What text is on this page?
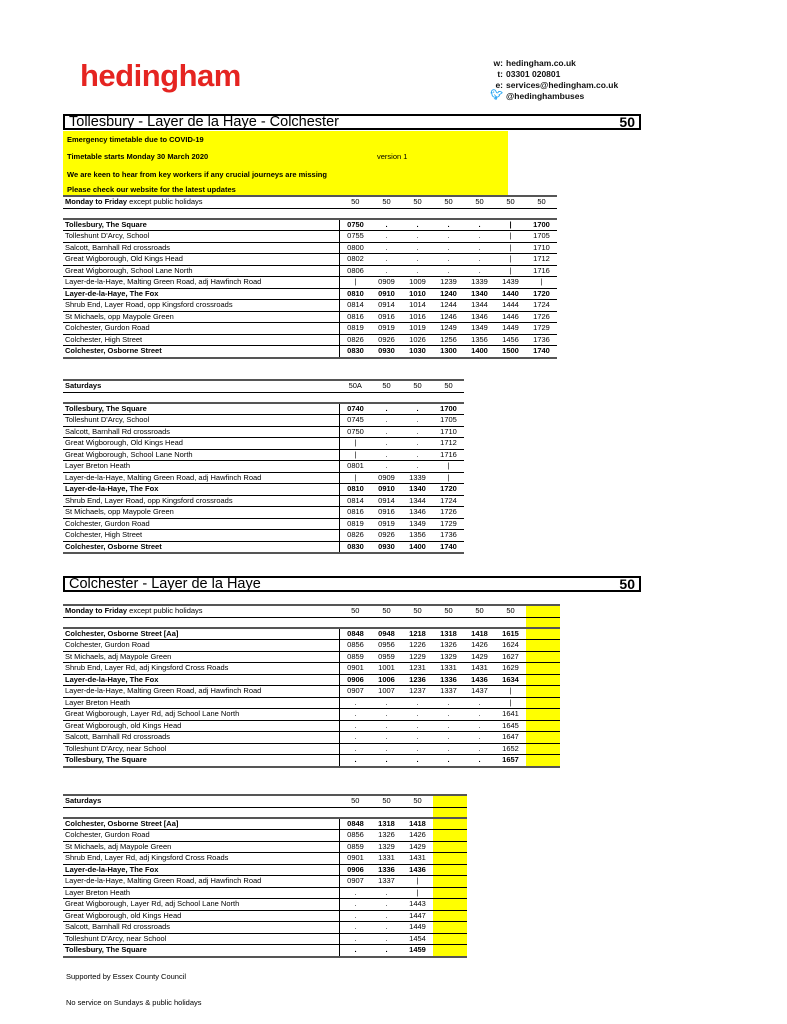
hedingham	w: hedingham.co.uk
t: 03301 020801
e: services@hedingham.co.uk
🐦︎ @hedinghambuses
Tollesbury - Layer de la Haye - Colchester	50
Emergency timetable due to COVID-19
Timetable starts Monday 30 March 2020	version 1
We are keen to hear from key workers if any crucial journeys are missing
Please check our website for the latest updates
Monday to Friday except public holidays	50	50	50	50	50	50	50

Tollesbury, The Square	0750	.	.	.	.	|	1700
Tolleshunt D'Arcy, School	0755	.	.	.	.	|	1705
Salcott, Barnhall Rd crossroads	0800	.	.	.	.	|	1710
Great Wigborough, Old Kings Head	0802	.	.	.	.	|	1712
Great Wigborough, School Lane North	0806	.	.	.	.	|	1716
Layer-de-la-Haye, Malting Green Road, adj Hawfinch Road	|	0909	1009	1239	1339	1439	|
Layer-de-la-Haye, The Fox	0810	0910	1010	1240	1340	1440	1720
Shrub End, Layer Road, opp Kingsford crossroads	0814	0914	1014	1244	1344	1444	1724
St Michaels, opp Maypole Green	0816	0916	1016	1246	1346	1446	1726
Colchester, Gurdon Road	0819	0919	1019	1249	1349	1449	1729
Colchester, High Street	0826	0926	1026	1256	1356	1456	1736
Colchester, Osborne Street	0830	0930	1030	1300	1400	1500	1740
Saturdays	50A	50	50	50

Tollesbury, The Square	0740	.	.	1700
Tolleshunt D'Arcy, School	0745	.	.	1705
Salcott, Barnhall Rd crossroads	0750	.	.	1710
Great Wigborough, Old Kings Head	|	.	.	1712
Great Wigborough, School Lane North	|	.	.	1716
Layer Breton Heath	0801	.	.	|
Layer-de-la-Haye, Malting Green Road, adj Hawfinch Road	|	0909	1339	|
Layer-de-la-Haye, The Fox	0810	0910	1340	1720
Shrub End, Layer Road, opp Kingsford crossroads	0814	0914	1344	1724
St Michaels, opp Maypole Green	0816	0916	1346	1726
Colchester, Gurdon Road	0819	0919	1349	1729
Colchester, High Street	0826	0926	1356	1736
Colchester, Osborne Street	0830	0930	1400	1740
Colchester - Layer de la Haye	50
Monday to Friday except public holidays	50	50	50	50	50	50	

Colchester, Osborne Street [Aa]	0848	0948	1218	1318	1418	1615	
Colchester, Gurdon Road	0856	0956	1226	1326	1426	1624	
St Michaels, adj Maypole Green	0859	0959	1229	1329	1429	1627	
Shrub End, Layer Rd, adj Kingsford Cross Roads	0901	1001	1231	1331	1431	1629	
Layer-de-la-Haye, The Fox	0906	1006	1236	1336	1436	1634	
Layer-de-la-Haye, Malting Green Road, adj Hawfinch Road	0907	1007	1237	1337	1437	|	
Layer Breton Heath	.	.	.	.	.	|	
Great Wigborough, Layer Rd, adj School Lane North	.	.	.	.	.	1641	
Great Wigborough, old Kings Head	.	.	.	.	.	1645	
Salcott, Barnhall Rd crossroads	.	.	.	.	.	1647	
Tolleshunt D'Arcy, near School	.	.	.	.	.	1652	
Tollesbury, The Square	.	.	.	.	.	1657	
Saturdays	50	50	50	

Colchester, Osborne Street [Aa]	0848	1318	1418	
Colchester, Gurdon Road	0856	1326	1426	
St Michaels, adj Maypole Green	0859	1329	1429	
Shrub End, Layer Rd, adj Kingsford Cross Roads	0901	1331	1431	
Layer-de-la-Haye, The Fox	0906	1336	1436	
Layer-de-la-Haye, Malting Green Road, adj Hawfinch Road	0907	1337	|	
Layer Breton Heath	.	.	|	
Great Wigborough, Layer Rd, adj School Lane North	.	.	1443	
Great Wigborough, old Kings Head	.	.	1447	
Salcott, Barnhall Rd crossroads	.	.	1449	
Tolleshunt D'Arcy, near School	.	.	1454	
Tollesbury, The Square	.	.	1459	
Supported by Essex County Council
No service on Sundays & public holidays
